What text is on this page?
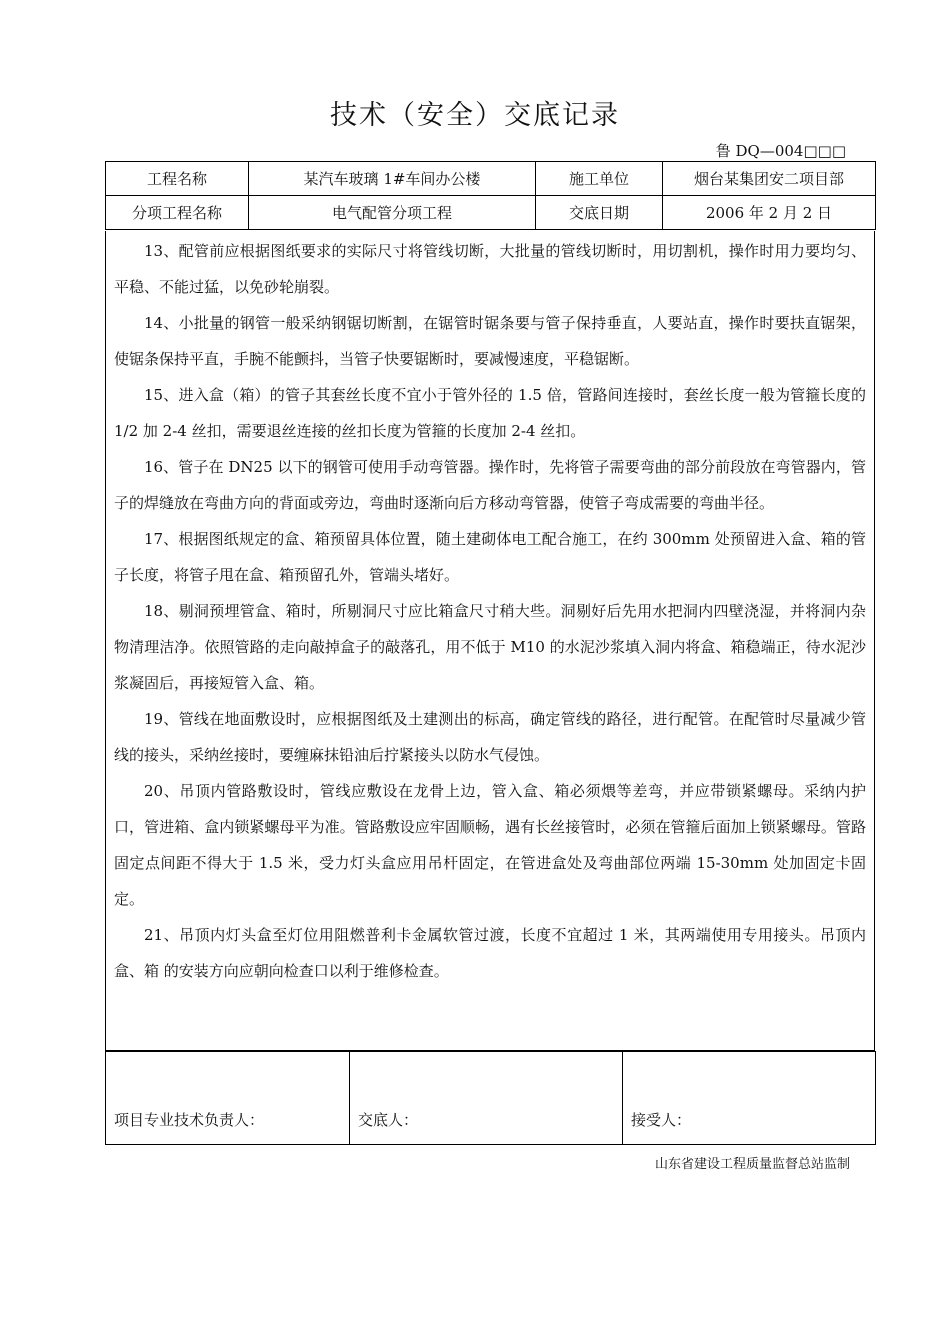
技术（安全）交底记录
鲁 DQ—004□□□
工程名称	某汽车玻璃 1#车间办公楼	施工单位	烟台某集团安二项目部
分项工程名称	电气配管分项工程	交底日期	2006 年 2 月 2 日

13、配管前应根据图纸要求的实际尺寸将管线切断，大批量的管线切断时，用切割机，操作时用力要均匀、平稳、不能过猛，以免砂轮崩裂。

14、小批量的钢管一般采纳钢锯切断割，在锯管时锯条要与管子保持垂直，人要站直，操作时要扶直锯架，使锯条保持平直，手腕不能颤抖，当管子快要锯断时，要减慢速度，平稳锯断。

15、进入盒（箱）的管子其套丝长度不宜小于管外径的 1.5 倍，管路间连接时，套丝长度一般为管箍长度的 1/2 加 2-4 丝扣，需要退丝连接的丝扣长度为管箍的长度加 2-4 丝扣。

16、管子在 DN25 以下的钢管可使用手动弯管器。操作时，先将管子需要弯曲的部分前段放在弯管器内，管子的焊缝放在弯曲方向的背面或旁边，弯曲时逐渐向后方移动弯管器，使管子弯成需要的弯曲半径。

17、根据图纸规定的盒、箱预留具体位置，随土建砌体电工配合施工，在约 300mm 处预留进入盒、箱的管子长度，将管子甩在盒、箱预留孔外，管端头堵好。

18、剔洞预埋管盒、箱时，所剔洞尺寸应比箱盒尺寸稍大些。洞剔好后先用水把洞内四壁浇湿，并将洞内杂物清理洁净。依照管路的走向敲掉盒子的敲落孔，用不低于 M10 的水泥沙浆填入洞内将盒、箱稳端正，待水泥沙浆凝固后，再接短管入盒、箱。

19、管线在地面敷设时，应根据图纸及土建测出的标高，确定管线的路径，进行配管。在配管时尽量减少管线的接头，采纳丝接时，要缠麻抹铅油后拧紧接头以防水气侵蚀。

20、吊顶内管路敷设时，管线应敷设在龙骨上边，管入盒、箱必须煨等差弯，并应带锁紧螺母。采纳内护口，管进箱、盒内锁紧螺母平为准。管路敷设应牢固顺畅，遇有长丝接管时，必须在管箍后面加上锁紧螺母。管路固定点间距不得大于 1.5 米，受力灯头盒应用吊杆固定，在管进盒处及弯曲部位两端 15-30mm 处加固定卡固定。

21、吊顶内灯头盒至灯位用阻燃普利卡金属软管过渡，长度不宜超过 1 米，其两端使用专用接头。吊顶内盒、箱 的安装方向应朝向检查口以利于维修检查。

项目专业技术负责人：	交底人：	接受人：
山东省建设工程质量监督总站监制
